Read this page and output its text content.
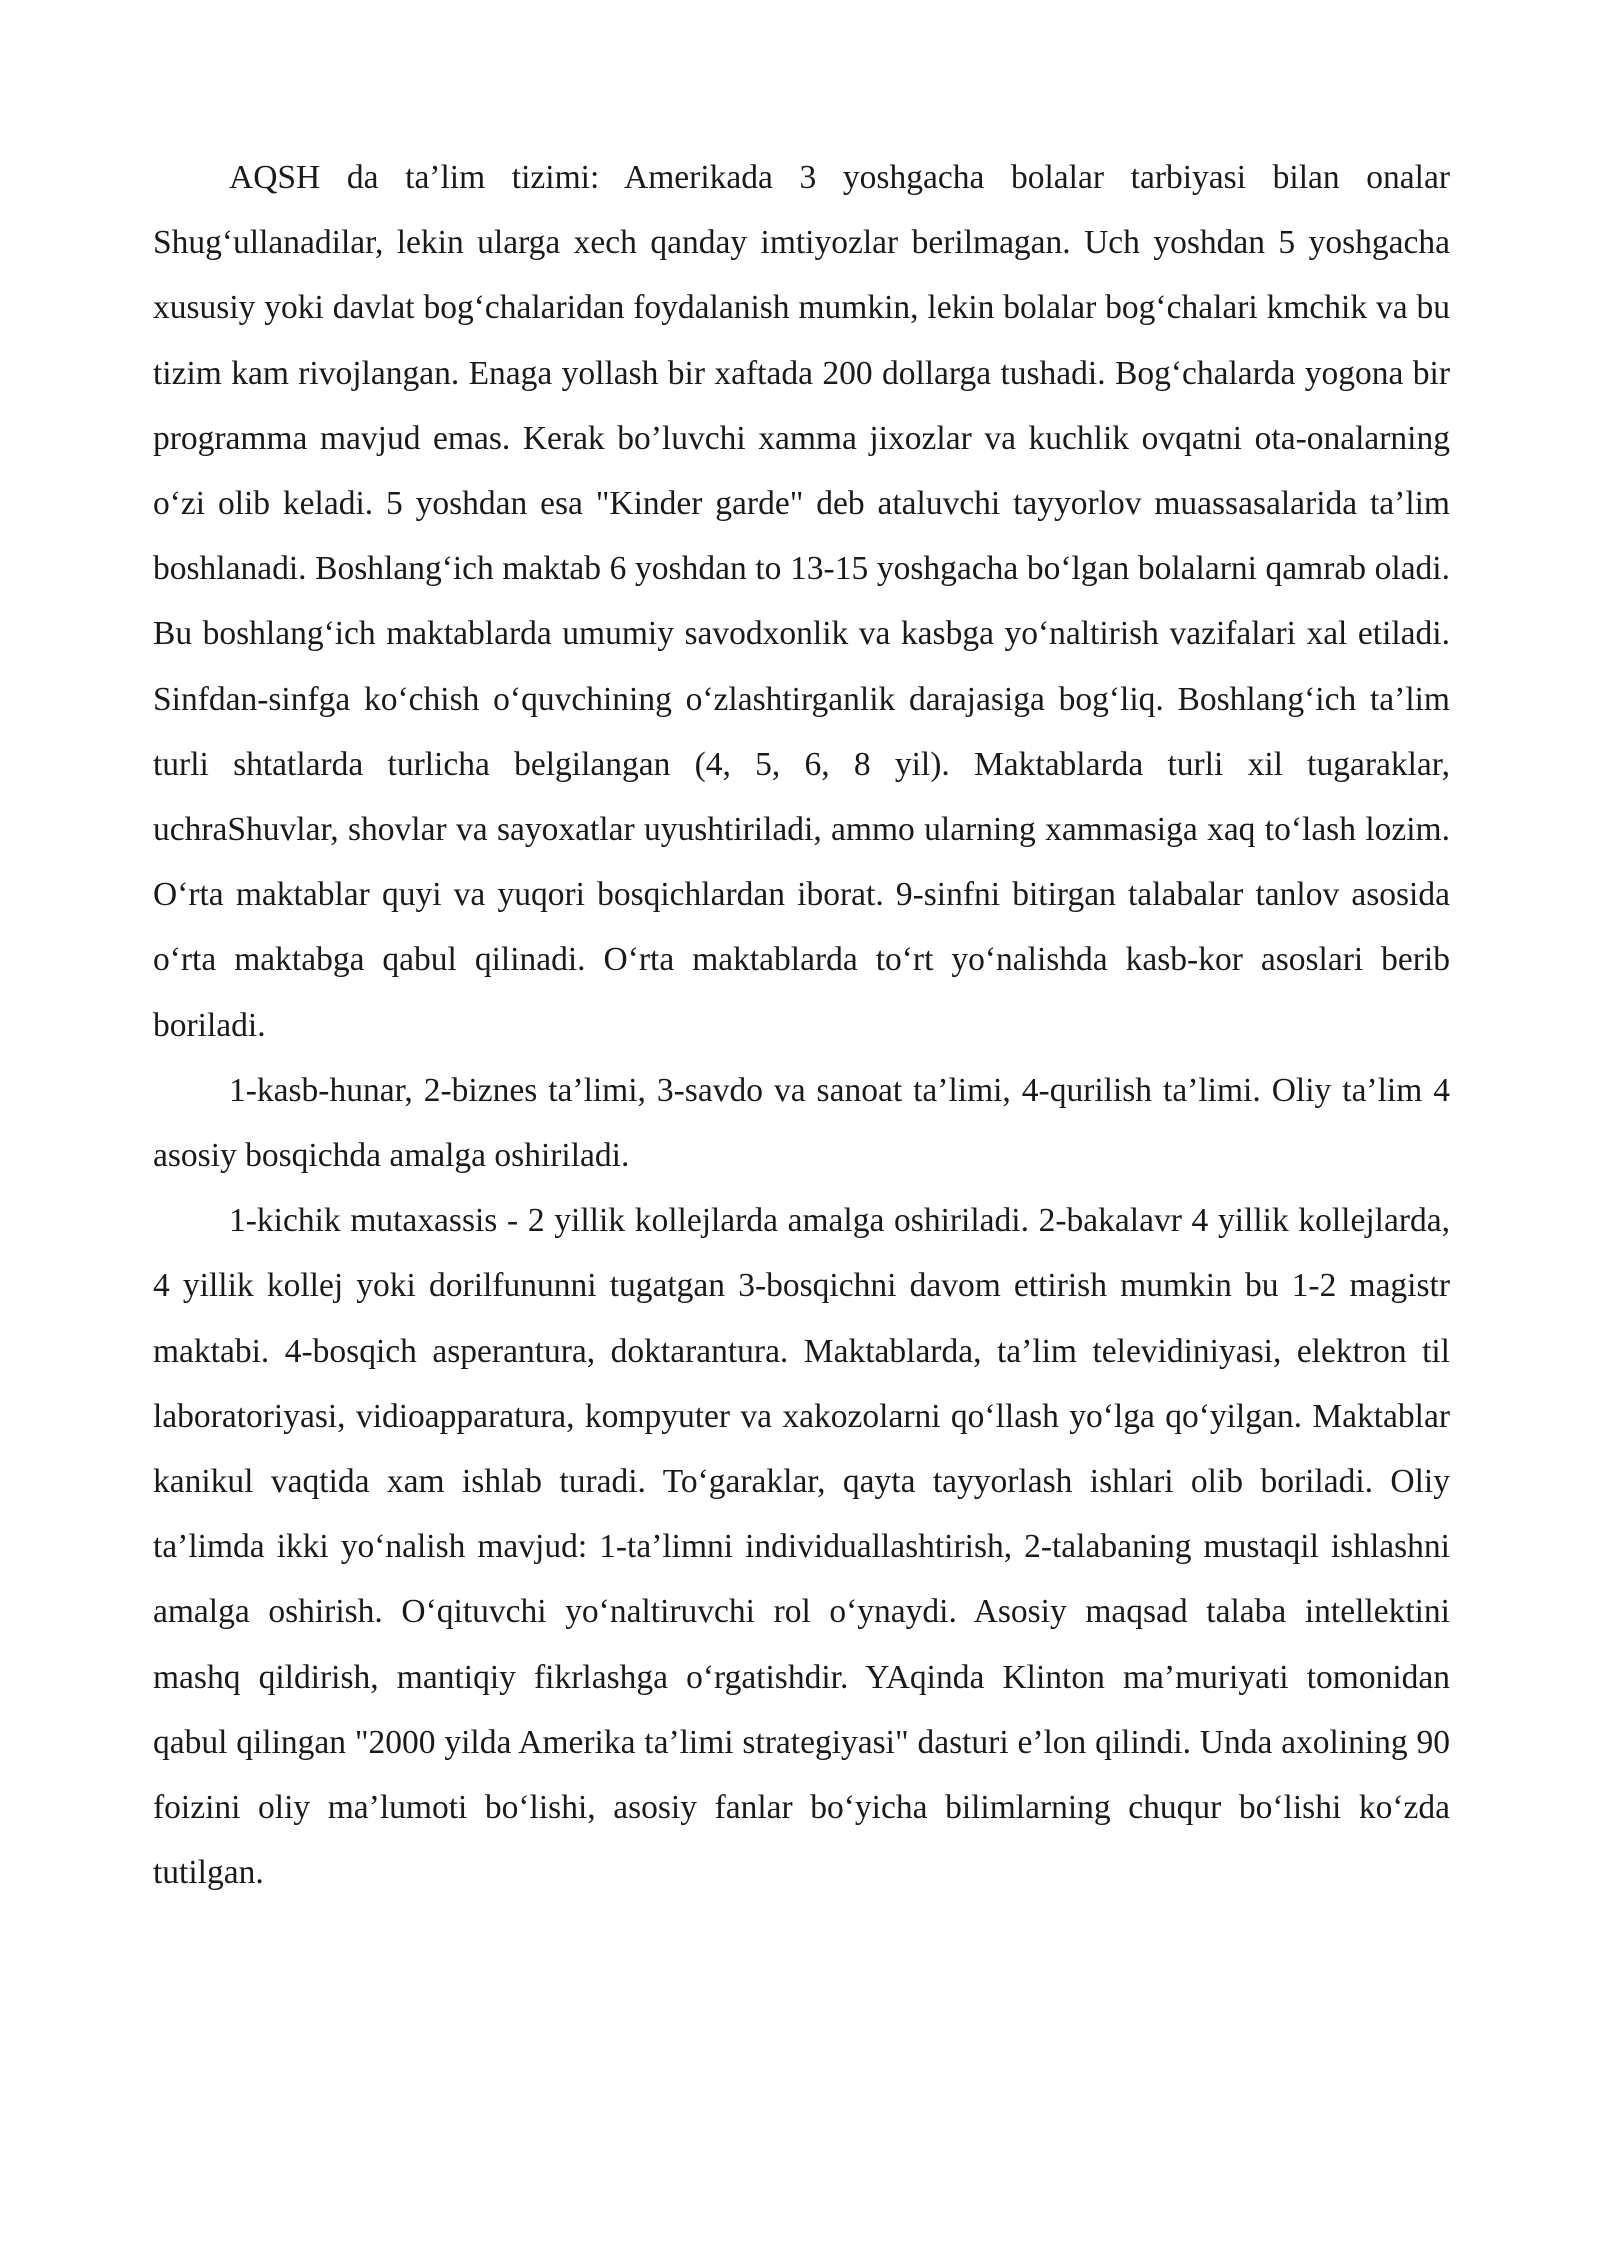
AQSH da ta’lim tizimi: Amerikada 3 yoshgacha bolalar tarbiyasi bilan onalar Shug‘ullanadilar, lekin ularga xech qanday imtiyozlar berilmagan. Uch yoshdan 5 yoshgacha xususiy yoki davlat bog‘chalaridan foydalanish mumkin, lekin bolalar bog‘chalari kmchik va bu tizim kam rivojlangan. Enaga yollash bir xaftada 200 dollarga tushadi. Bog‘chalarda yogona bir programma mavjud emas. Kerak bo’luvchi xamma jixozlar va kuchlik ovqatni ota-onalarning o‘zi olib keladi. 5 yoshdan esa "Kinder garde" deb ataluvchi tayyorlov muassasalarida ta’lim boshlanadi. Boshlang‘ich maktab 6 yoshdan to 13-15 yoshgacha bo‘lgan bolalarni qamrab oladi. Bu boshlang‘ich maktablarda umumiy savodxonlik va kasbga yo‘naltirish vazifalari xal etiladi. Sinfdan-sinfga ko‘chish o‘quvchining o‘zlashtirganlik darajasiga bog‘liq. Boshlang‘ich ta’lim turli shtatlarda turlicha belgilangan (4, 5, 6, 8 yil). Maktablarda turli xil tugaraklar, uchraShuvlar, shovlar va sayoxatlar uyushtiriladi, ammo ularning xammasiga xaq to‘lash lozim. O‘rta maktablar quyi va yuqori bosqichlardan iborat. 9-sinfni bitirgan talabalar tanlov asosida o‘rta maktabga qabul qilinadi. O‘rta maktablarda to‘rt yo‘nalishda kasb-kor asoslari berib boriladi.

1-kasb-hunar, 2-biznes ta’limi, 3-savdo va sanoat ta’limi, 4-qurilish ta’limi. Oliy ta’lim 4 asosiy bosqichda amalga oshiriladi.

1-kichik mutaxassis - 2 yillik kollejlarda amalga oshiriladi. 2-bakalavr 4 yillik kollejlarda, 4 yillik kollej yoki dorilfununni tugatgan 3-bosqichni davom ettirish mumkin bu 1-2 magistr maktabi. 4-bosqich asperantura, doktarantura. Maktablarda, ta’lim televidiniyasi, elektron til laboratoriyasi, vidioapparatura, kompyuter va xakozolarni qo‘llash yo‘lga qo‘yilgan. Maktablar kanikul vaqtida xam ishlab turadi. To‘garaklar, qayta tayyorlash ishlari olib boriladi. Oliy ta’limda ikki yo‘nalish mavjud: 1-ta’limni individuallashtirish, 2-talabaning mustaqil ishlashni amalga oshirish. O‘qituvchi yo‘naltiruvchi rol o‘ynaydi. Asosiy maqsad talaba intellektini mashq qildirish, mantiqiy fikrlashga o‘rgatishdir. YAqinda Klinton ma’muriyati tomonidan qabul qilingan "2000 yilda Amerika ta’limi strategiyasi" dasturi e’lon qilindi. Unda axolining 90 foizini oliy ma’lumoti bo‘lishi, asosiy fanlar bo‘yicha bilimlarning chuqur bo‘lishi ko‘zda tutilgan.
